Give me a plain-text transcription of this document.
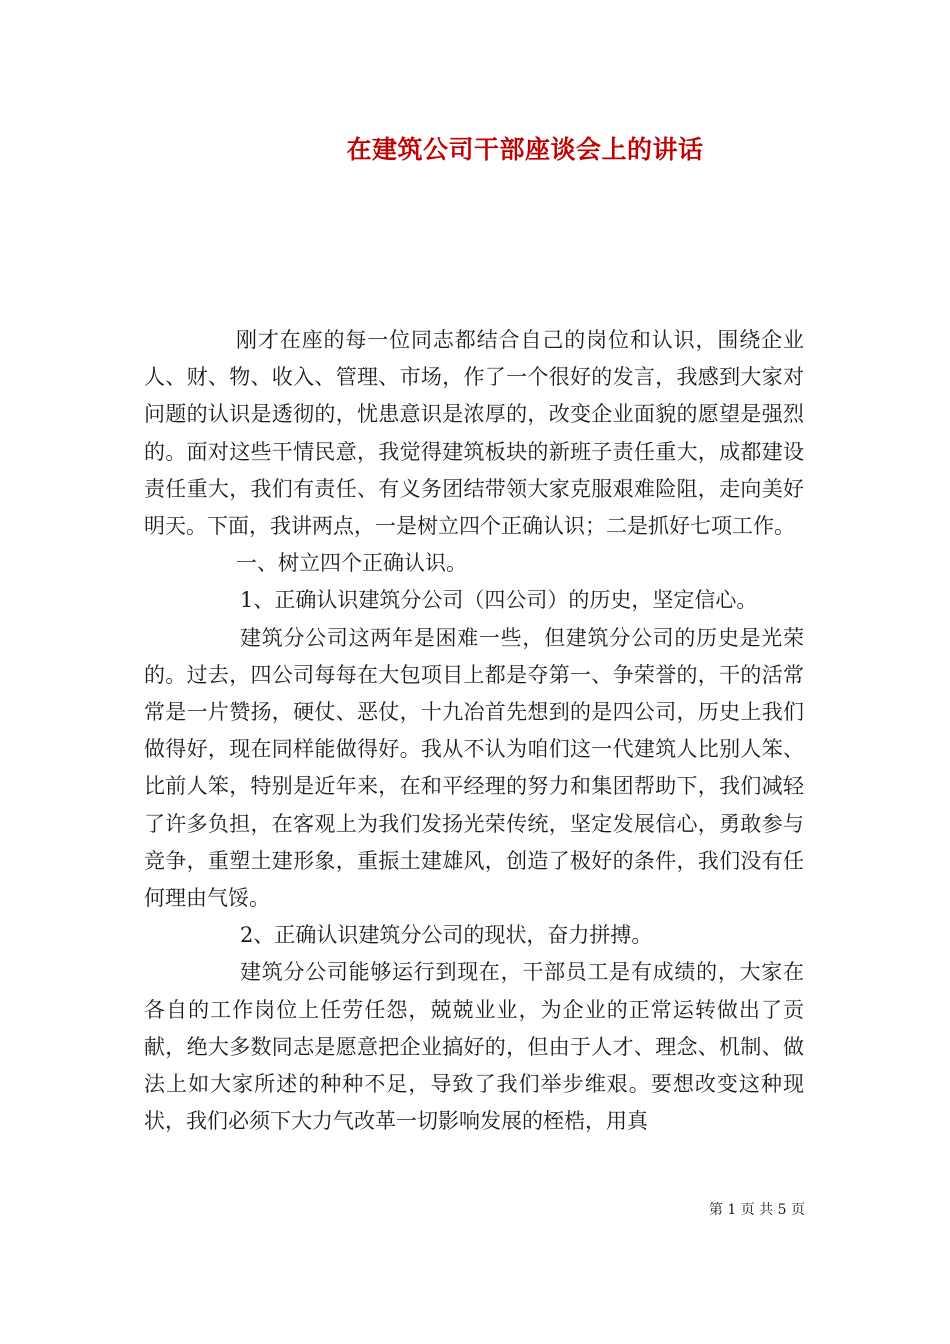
在建筑公司干部座谈会上的讲话

刚才在座的每一位同志都结合自己的岗位和认识，围绕企业人、财、物、收入、管理、市场，作了一个很好的发言，我感到大家对问题的认识是透彻的，忧患意识是浓厚的，改变企业面貌的愿望是强烈的。面对这些干情民意，我觉得建筑板块的新班子责任重大，成都建设责任重大，我们有责任、有义务团结带领大家克服艰难险阻，走向美好明天。下面，我讲两点，一是树立四个正确认识；二是抓好七项工作。

一、树立四个正确认识。

1、正确认识建筑分公司（四公司）的历史，坚定信心。

建筑分公司这两年是困难一些，但建筑分公司的历史是光荣的。过去，四公司每每在大包项目上都是夺第一、争荣誉的，干的活常常是一片赞扬，硬仗、恶仗，十九冶首先想到的是四公司，历史上我们做得好，现在同样能做得好。我从不认为咱们这一代建筑人比别人笨、比前人笨，特别是近年来，在和平经理的努力和集团帮助下，我们减轻了许多负担，在客观上为我们发扬光荣传统，坚定发展信心，勇敢参与竞争，重塑土建形象，重振土建雄风，创造了极好的条件，我们没有任何理由气馁。

2、正确认识建筑分公司的现状，奋力拼搏。

建筑分公司能够运行到现在，干部员工是有成绩的，大家在各自的工作岗位上任劳任怨，兢兢业业，为企业的正常运转做出了贡献，绝大多数同志是愿意把企业搞好的，但由于人才、理念、机制、做法上如大家所述的种种不足，导致了我们举步维艰。要想改变这种现状，我们必须下大力气改革一切影响发展的桎梏，用真

第 1 页 共 5 页
